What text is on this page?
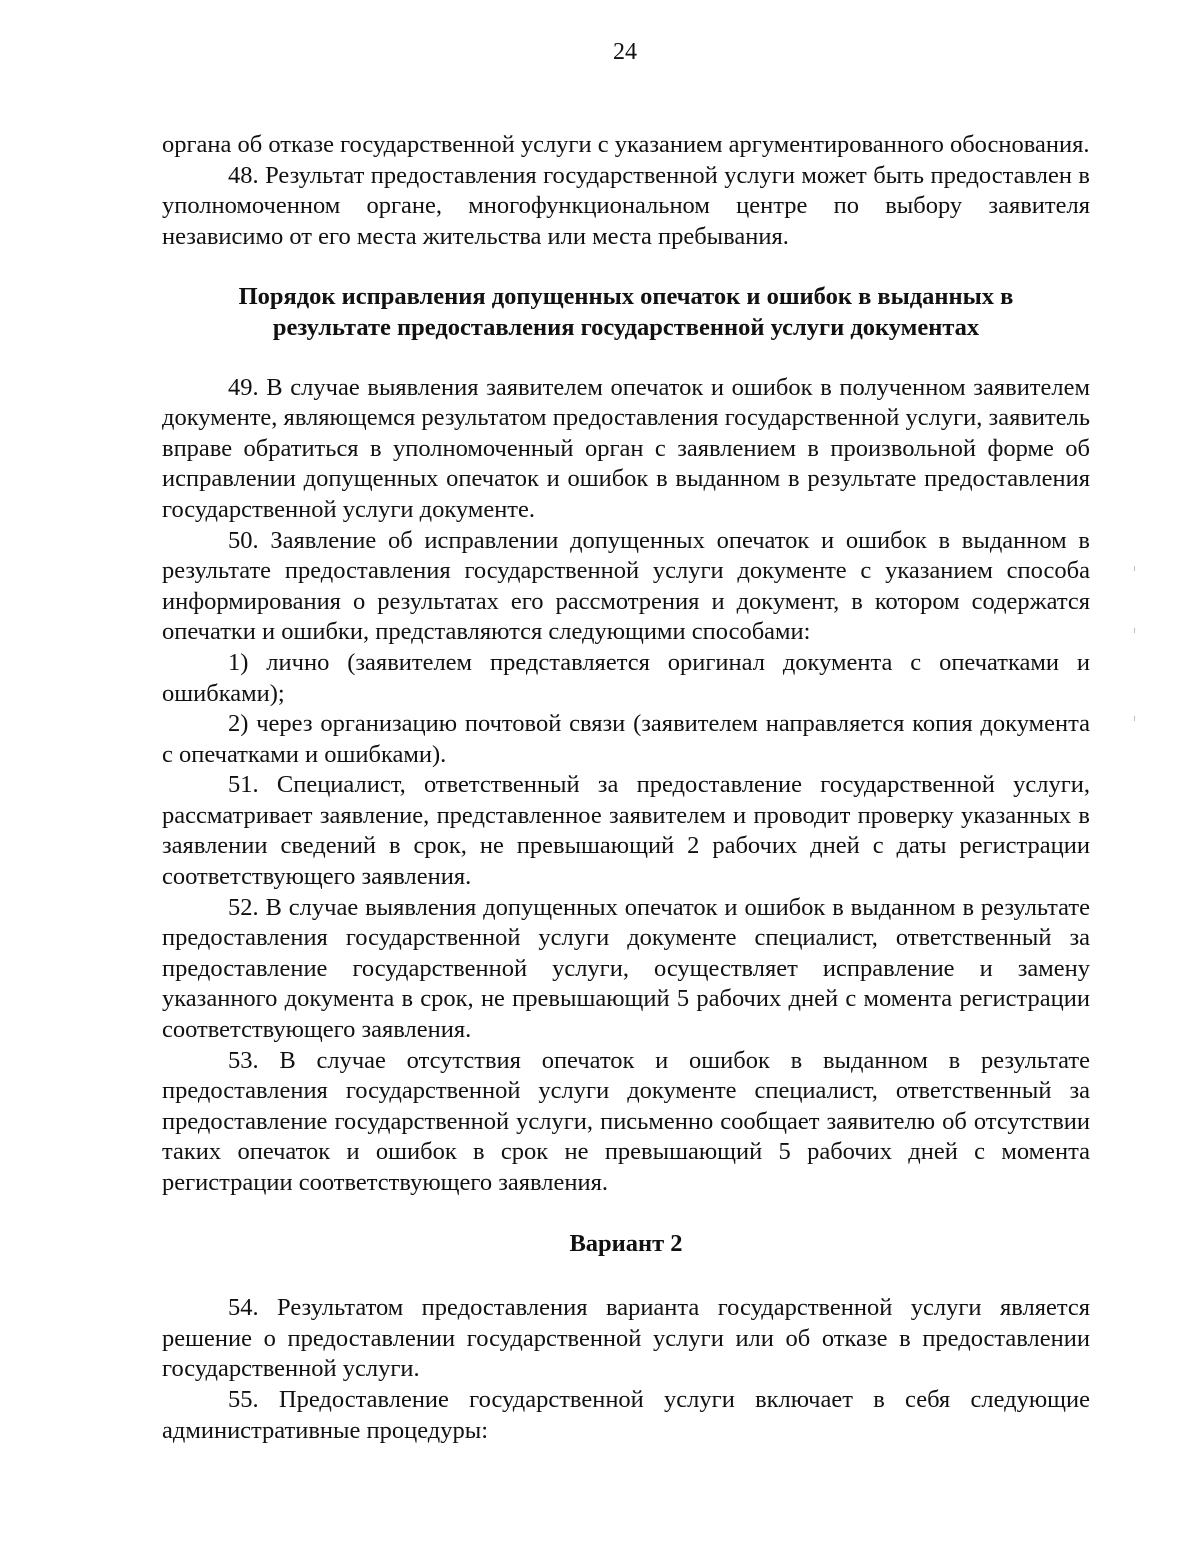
24

органа об отказе государственной услуги с указанием аргументированного обоснования.

48. Результат предоставления государственной услуги может быть предоставлен в уполномоченном органе, многофункциональном центре по выбору заявителя независимо от его места жительства или места пребывания.

Порядок исправления допущенных опечаток и ошибок в выданных в
результате предоставления государственной услуги документах

49. В случае выявления заявителем опечаток и ошибок в полученном заявителем документе, являющемся результатом предоставления государственной услуги, заявитель вправе обратиться в уполномоченный орган с заявлением в произвольной форме об исправлении допущенных опечаток и ошибок в выданном в результате предоставления государственной услуги документе.

50. Заявление об исправлении допущенных опечаток и ошибок в выданном в результате предоставления государственной услуги документе с указанием способа информирования о результатах его рассмотрения и документ, в котором содержатся опечатки и ошибки, представляются следующими способами:

1) лично (заявителем представляется оригинал документа с опечатками и ошибками);

2) через организацию почтовой связи (заявителем направляется копия документа с опечатками и ошибками).

51. Специалист, ответственный за предоставление государственной услуги, рассматривает заявление, представленное заявителем и проводит проверку указанных в заявлении сведений в срок, не превышающий 2 рабочих дней с даты регистрации соответствующего заявления.

52. В случае выявления допущенных опечаток и ошибок в выданном в результате предоставления государственной услуги документе специалист, ответственный за предоставление государственной услуги, осуществляет исправление и замену указанного документа в срок, не превышающий 5 рабочих дней с момента регистрации соответствующего заявления.

53. В случае отсутствия опечаток и ошибок в выданном в результате предоставления государственной услуги документе специалист, ответственный за предоставление государственной услуги, письменно сообщает заявителю об отсутствии таких опечаток и ошибок в срок не превышающий 5 рабочих дней с момента регистрации соответствующего заявления.

Вариант 2

54. Результатом предоставления варианта государственной услуги является решение о предоставлении государственной услуги или об отказе в предоставлении государственной услуги.

55. Предоставление государственной услуги включает в себя следующие административные процедуры:
